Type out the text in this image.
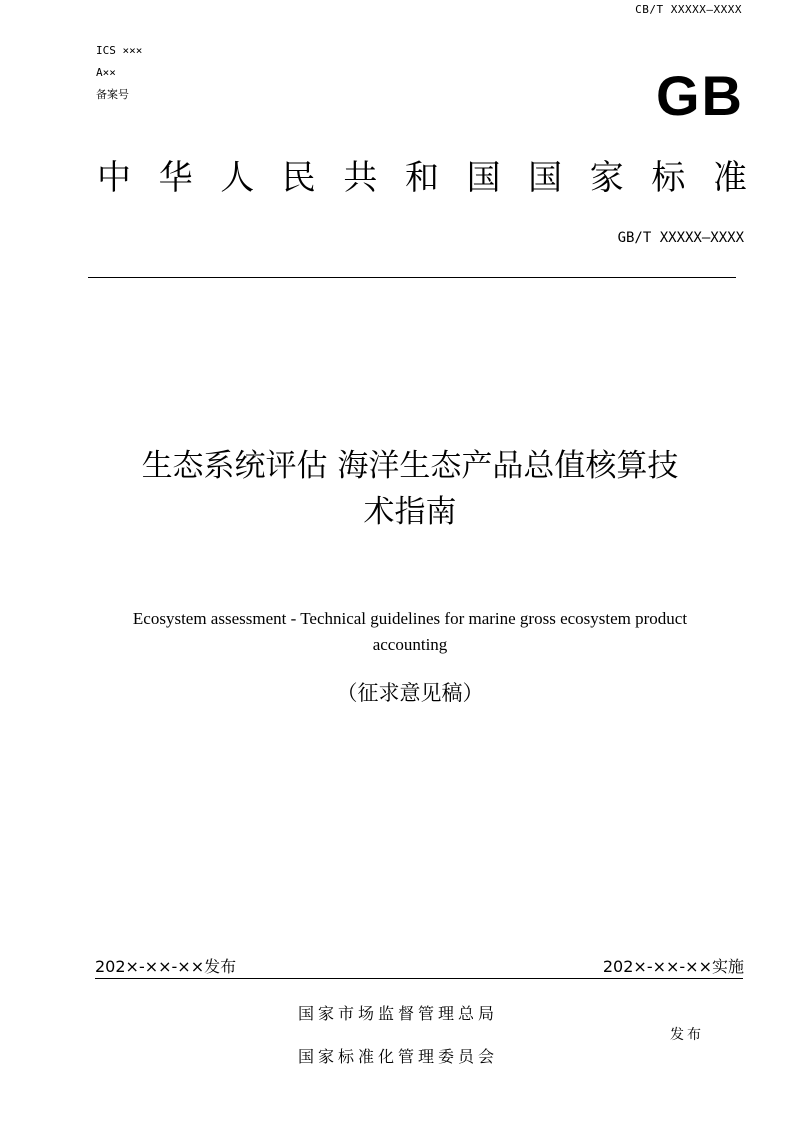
CB/T XXXXX—XXXX
ICS ×××
A××
备案号	GB
中 华 人 民 共 和 国 国 家 标 准
GB/T XXXXX—XXXX
生态系统评估 海洋生态产品总值核算技
术指南
Ecosystem assessment - Technical guidelines for marine gross ecosystem product
accounting
（征求意见稿）
202×-××-××发布	202×-××-××实施
国家市场监督管理总局
国家标准化管理委员会
发布
